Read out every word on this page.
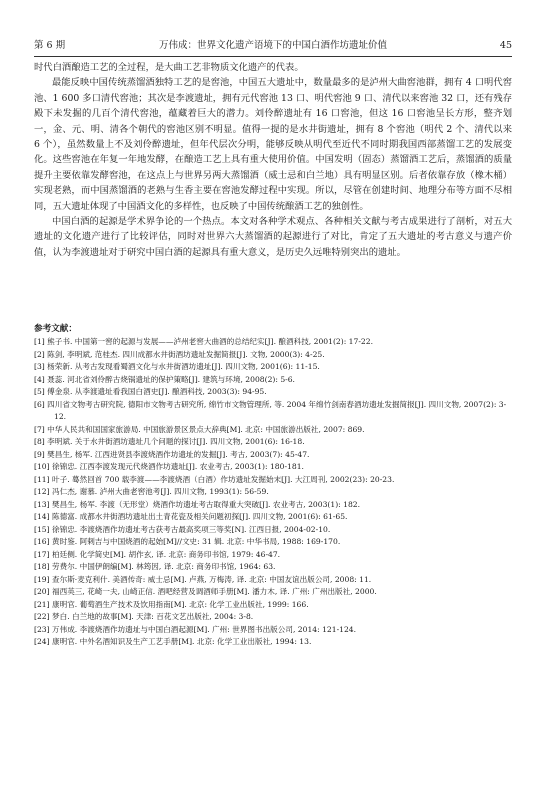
第 6 期	万伟成：世界文化遗产语境下的中国白酒作坊遗址价值	45

时代白酒酿造工艺的全过程，是大曲工艺非物质文化遗产的代表。

最能反映中国传统蒸馏酒独特工艺的是窖池，中国五大遗址中，数量最多的是泸州大曲窖池群，拥有 4 口明代窖池、1 600 多口清代窖池；其次是李渡遗址，拥有元代窖池 13 口、明代窖池 9 口、清代以来窖池 32 口，还有残存殿下未发掘的几百个清代窖池，蕴藏着巨大的潜力。刘伶醉遗址有 16 口窖池，但这 16 口窖池呈长方形，整齐划一，金、元、明、清各个朝代的窖池区别不明显。值得一提的是水井街遗址，拥有 8 个窖池（明代 2 个、清代以来 6 个），虽然数量上不及刘伶醉遗址，但年代层次分明，能够反映从明代至近代不同时期我国西部蒸馏工艺的发展变化。这些窖池在年复一年地发酵，在酿造工艺上具有重大使用价值。中国发明（固态）蒸馏酒工艺后，蒸馏酒的质量提升主要依靠发酵窖池，在这点上与世界另两大蒸馏酒（威士忌和白兰地）具有明显区别。后者依靠存放（橡木桶）实现老熟，而中国蒸馏酒的老熟与生香主要在窖池发酵过程中实现。所以，尽管在创建时间、地理分布等方面不尽相同，五大遗址体现了中国酒文化的多样性，也反映了中国传统酿酒工艺的独创性。

中国白酒的起源是学术界争论的一个热点。本文对各种学术观点、各种相关文献与考古成果进行了剖析，对五大遗址的文化遗产进行了比较评估，同时对世界六大蒸馏酒的起源进行了对比，肯定了五大遗址的考古意义与遗产价值，认为李渡遗址对于研究中国白酒的起源具有重大意义，是历史久远唯特别突出的遗址。

参考文献：
[1] 熊子书. 中国第一窖的起源与发展——泸州老窖大曲酒的总结纪实[J]. 酿酒科技, 2001(2): 17-22.
[2] 陈剑, 李明斌, 范桂杰. 四川成都水井街酒坊遗址发掘简报[J]. 文物, 2000(3): 4-25.
[3] 杨荣新. 从考古发现看蜀酒文化与水井街酒坊遗址[J]. 四川文物, 2001(6): 11-15.
[4] 聂蕊. 河北省刘伶醉古烧锅遗址的保护策略[J]. 建筑与环境, 2008(2): 5-6.
[5] 傅金泉. 从李渡遗址看我国白酒史[J]. 酿酒科技, 2003(3): 94-95.
[6] 四川省文物考古研究院, 德阳市文物考古研究所, 绵竹市文物管理所, 等. 2004 年绵竹剑南春酒坊遗址发掘简报[J]. 四川文物, 2007(2): 3-12.
[7] 中华人民共和国国家旅游局. 中国旅游景区景点大辞典[M]. 北京: 中国旅游出版社, 2007: 869.
[8] 李明斌. 关于水井街酒坊遗址几个问题的探讨[J]. 四川文物, 2001(6): 16-18.
[9] 樊昌生, 杨军. 江西进贤县李渡烧酒作坊遗址的发掘[J]. 考古, 2003(7): 45-47.
[10] 徐锦忠. 江西李渡发现元代烧酒作坊遗址[J]. 农业考古, 2003(1): 180-181.
[11] 叶子. 蓦然回首 700 载李渡——李渡烧酒（白酒）作坊遗址发掘始末[J]. 大江周刊, 2002(23): 20-23.
[12] 冯仁杰, 谢慕. 泸州大曲老窖池考[J]. 四川文物, 1993(1): 56-59.
[13] 樊昌生, 杨军. 李渡（无形堂）烧酒作坊遗址考古取得重大突破[J]. 农业考古, 2003(1): 182.
[14] 陈德富. 成都水井街酒坊遗址出土青花瓷及相关问题初探[J]. 四川文物, 2001(6): 61-65.
[15] 徐锦忠. 李渡烧酒作坊遗址考古获考古最高奖项三等奖[N]. 江西日报, 2004-02-10.
[16] 黄时鉴. 阿剌吉与中国烧酒的起始[M]//文史: 31 辑. 北京: 中华书局, 1988: 169-170.
[17] 柏廷侧. 化学简史[M]. 胡作玄, 译. 北京: 商务印书馆, 1979: 46-47.
[18] 劳费尔. 中国伊朗编[M]. 林筠因, 译. 北京: 商务印书馆, 1964: 63.
[19] 查尔斯·麦克利什. 美酒传奇: 威士忌[M]. 卢燕, 万梅涛, 译. 北京: 中国友谊出版公司, 2008: 11.
[20] 福西英三, 花崎一夫, 山崎正信. 酒吧经营及调酒师手册[M]. 潘力木, 译. 广州: 广州出版社, 2000.
[21] 康明官. 葡萄酒生产技术及饮用指南[M]. 北京: 化学工业出版社, 1999: 166.
[22] 梦白. 白兰地的故事[M]. 天津: 百花文艺出版社, 2004: 3-8.
[23] 万伟成. 李渡烧酒作坊遗址与中国白酒起源[M]. 广州: 世界图书出版公司, 2014: 121-124.
[24] 康明官. 中外名酒知识及生产工艺手册[M]. 北京: 化学工业出版社, 1994: 13.
